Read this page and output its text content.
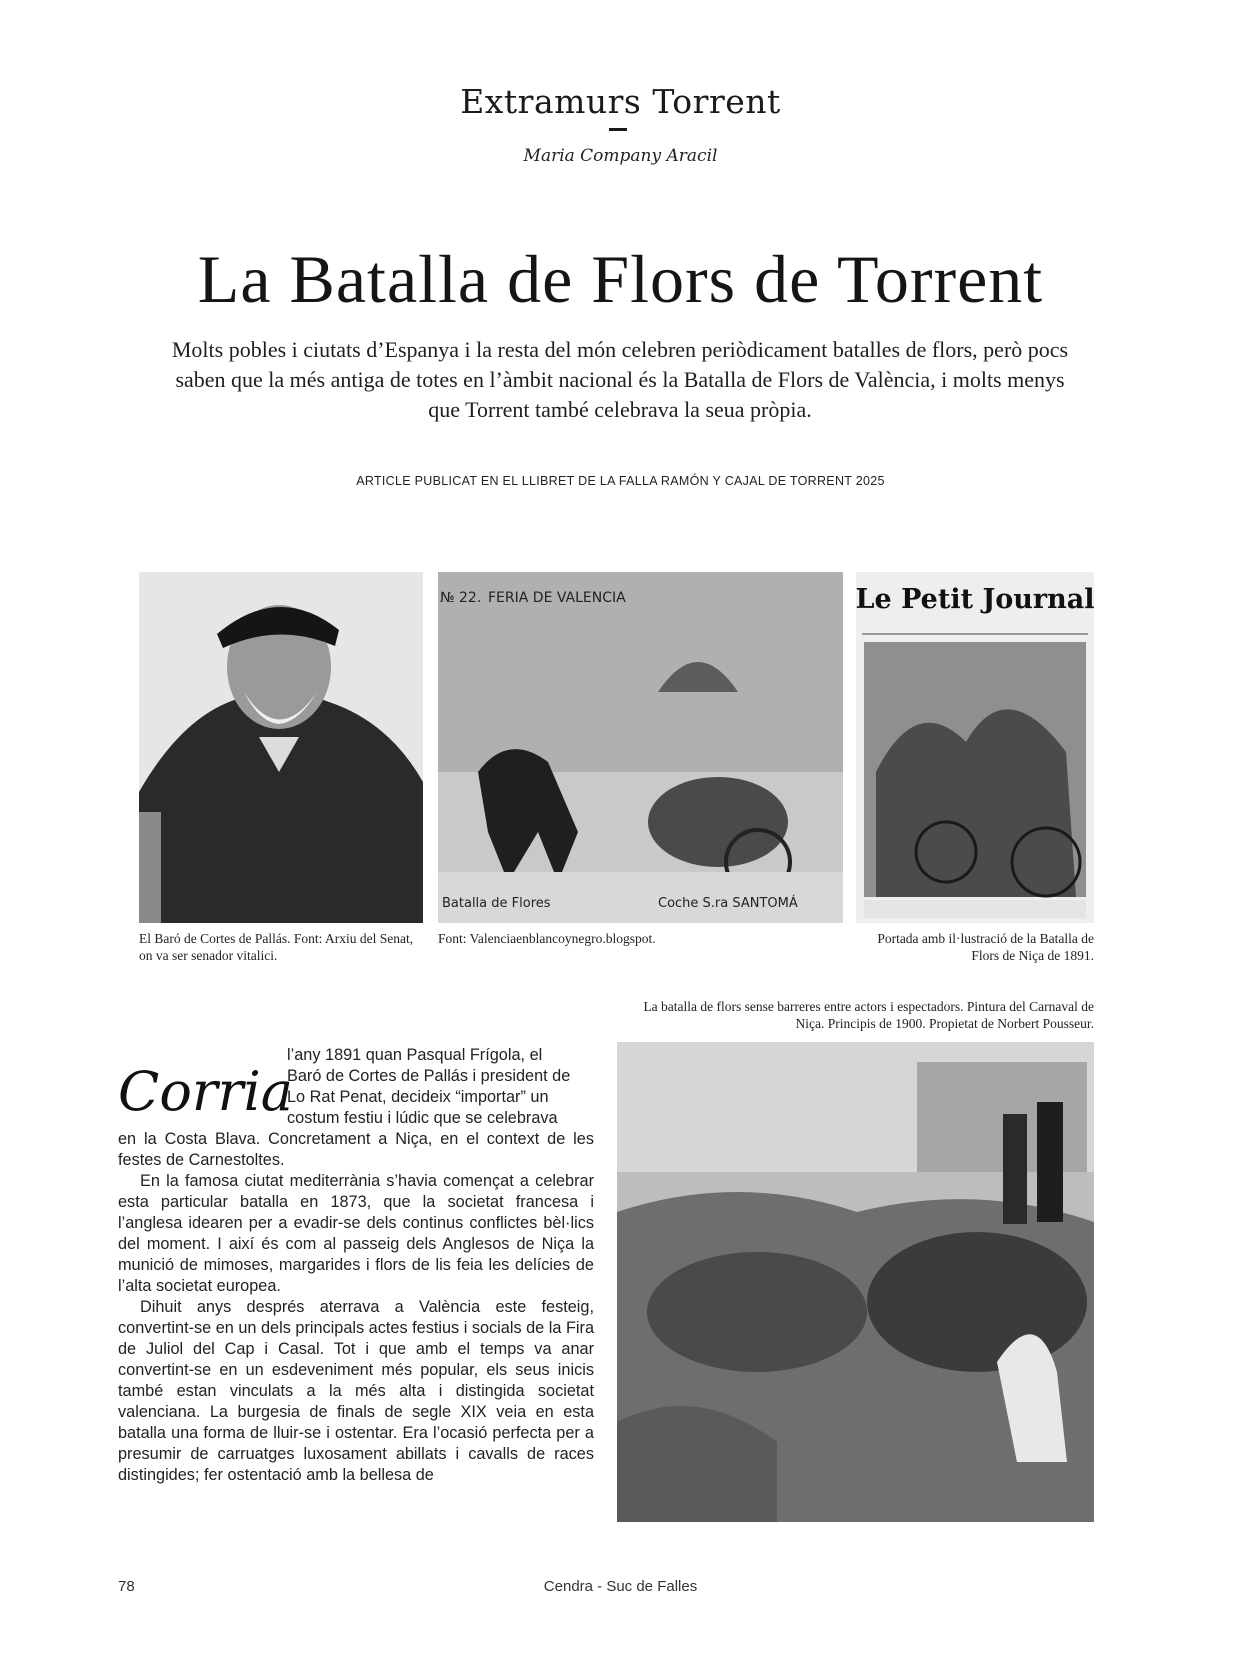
Extramurs Torrent
Maria Company Aracil
La Batalla de Flors de Torrent
Molts pobles i ciutats d’Espanya i la resta del món celebren periòdicament batalles de flors, però pocs saben que la més antiga de totes en l’àmbit nacional és la Batalla de Flors de València, i molts menys que Torrent també celebrava la seua pròpia.
ARTICLE PUBLICAT EN EL LLIBRET DE LA FALLA RAMÓN Y CAJAL DE TORRENT 2025
El Baró de Cortes de Pallás. Font: Arxiu del Senat, on va ser senador vitalici.
№ 22. FERIA DE VALENCIA
Batalla de Flores	Coche S.ra SANTOMÁ
Font: Valenciaenblancoynegro.blogspot.
Le Petit Journal
Portada amb il·lustració de la Batalla de Flors de Niça de 1891.
La batalla de flors sense barreres entre actors i espectadors. Pintura del Carnaval de Niça. Principis de 1900. Propietat de Norbert Pousseur.
Corria
l’any 1891 quan Pasqual Frígola, el
Baró de Cortes de Pallás i president de
Lo Rat Penat, decideix “importar” un
costum festiu i lúdic que se celebrava

en la Costa Blava. Concretament a Niça, en el context de les festes de Carnestoltes.

En la famosa ciutat mediterrània s’havia començat a celebrar esta particular batalla en 1873, que la societat francesa i l’anglesa idearen per a evadir-se dels continus conflictes bèl·lics del moment. I així és com al passeig dels Anglesos de Niça la munició de mimoses, margarides i flors de lis feia les delícies de l’alta societat europea.

Dihuit anys després aterrava a València este festeig, convertint-se en un dels principals actes festius i socials de la Fira de Juliol del Cap i Casal. Tot i que amb el temps va anar convertint-se en un esdeveniment més popular, els seus inicis també estan vinculats a la més alta i distingida societat valenciana. La burgesia de finals de segle XIX veia en esta batalla una forma de lluir-se i ostentar. Era l’ocasió perfecta per a presumir de carruatges luxosament abillats i cavalls de races distingides; fer ostentació amb la bellesa de

78	Cendra - Suc de Falles
